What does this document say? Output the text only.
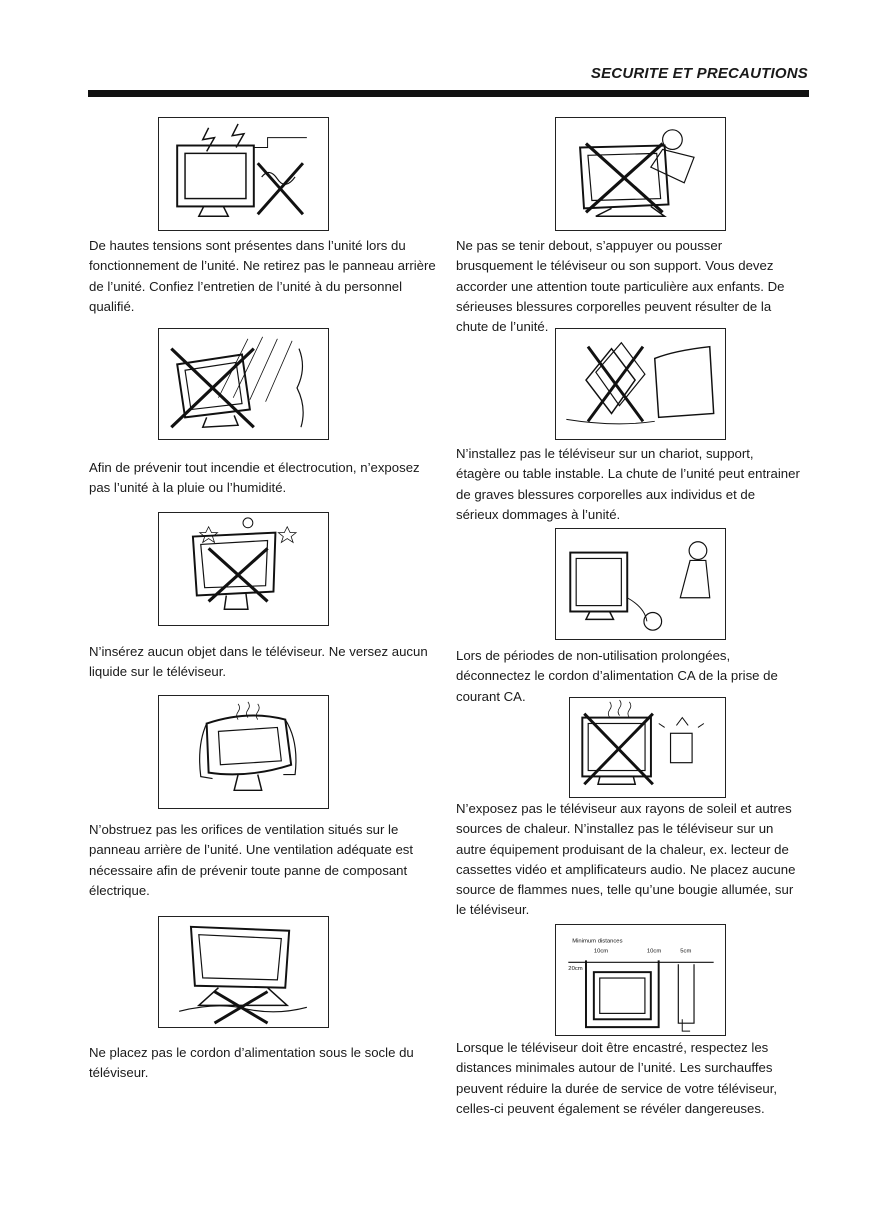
SECURITE ET PRECAUTIONS

De hautes tensions sont présentes dans l’unité lors du fonctionnement de l’unité. Ne retirez pas le panneau arrière de l’unité. Confiez l’entretien de l’unité à du personnel qualifié.

Afin de prévenir tout incendie et électrocution, n’exposez pas l’unité à la pluie ou l’humidité.

N’insérez aucun objet dans le téléviseur. Ne versez aucun liquide sur le téléviseur.

N’obstruez pas les orifices de ventilation situés sur le panneau arrière de l’unité. Une ventilation adéquate est nécessaire afin de prévenir toute panne de composant électrique.

Ne placez pas le cordon d’alimentation sous le socle du téléviseur.

Ne pas se tenir debout, s’appuyer ou pousser brusquement le téléviseur ou son support. Vous devez accorder une attention toute particulière aux enfants. De sérieuses blessures corporelles peuvent résulter de la chute de l’unité.

N’installez pas le téléviseur sur un chariot, support, étagère ou table instable. La chute de l’unité peut entrainer de graves blessures corporelles aux individus et de sérieux dommages à l’unité.

Lors de périodes de non-utilisation prolongées, déconnectez le cordon d’alimentation CA de la prise de courant CA.

N’exposez pas le téléviseur aux rayons de soleil et autres sources de chaleur. N’installez pas le téléviseur sur un autre équipement produisant de la chaleur, ex. lecteur de cassettes vidéo et amplificateurs audio. Ne placez aucune source de flammes nues, telle qu’une bougie allumée, sur le téléviseur.

Minimum distances
10cm	10cm	5cm
20cm

Lorsque le téléviseur doit être encastré, respectez les distances minimales autour de l’unité. Les surchauffes peuvent réduire la durée de service de votre téléviseur, celles-ci peuvent également se révéler dangereuses.
